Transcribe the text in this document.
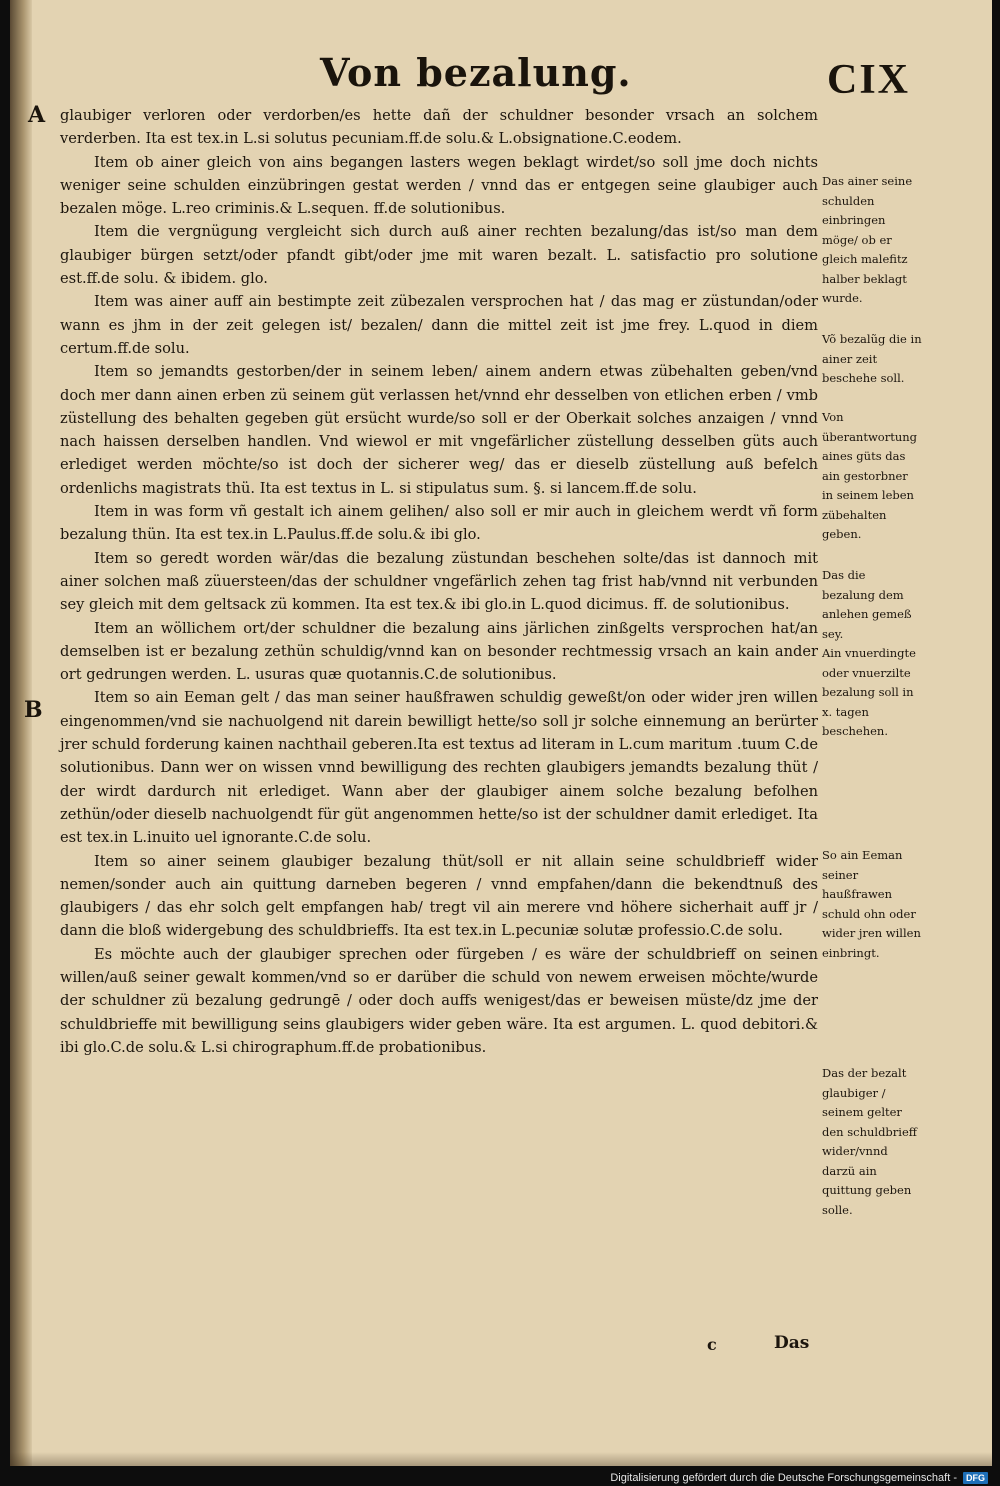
Von bezalung.	CIX
A
B

glaubiger verloren oder verdorben/es hette dañ der schuldner besonder vrsach an solchem verderben. Ita est tex.in L.si solutus pecuniam.ff.de solu.& L.obsignatione.C.eodem.

Item ob ainer gleich von ains begangen lasters wegen beklagt wirdet/so soll jme doch nichts weniger seine schulden einzübringen gestat werden / vnnd das er entgegen seine glaubiger auch bezalen möge. L.reo criminis.& L.sequen. ff.de solutionibus.

Item die vergnügung vergleicht sich durch auß ainer rechten bezalung/das ist/so man dem glaubiger bürgen setzt/oder pfandt gibt/oder jme mit waren bezalt. L. satisfactio pro solutione est.ff.de solu. & ibidem. glo.

Item was ainer auff ain bestimpte zeit zübezalen versprochen hat / das mag er züstundan/oder wann es jhm in der zeit gelegen ist/ bezalen/ dann die mittel zeit ist jme frey. L.quod in diem certum.ff.de solu.

Item so jemandts gestorben/der in seinem leben/ ainem andern etwas zübehalten geben/vnd doch mer dann ainen erben zü seinem güt verlassen het/vnnd ehr desselben von etlichen erben / vmb züstellung des behalten gegeben güt ersücht wurde/so soll er der Oberkait solches anzaigen / vnnd nach haissen derselben handlen. Vnd wiewol er mit vngefärlicher züstellung desselben güts auch erlediget werden möchte/so ist doch der sicherer weg/ das er dieselb züstellung auß befelch ordenlichs magistrats thü. Ita est textus in L. si stipulatus sum. §. si lancem.ff.de solu.

Item in was form vñ gestalt ich ainem gelihen/ also soll er mir auch in gleichem werdt vñ form bezalung thün. Ita est tex.in L.Paulus.ff.de solu.& ibi glo.

Item so geredt worden wär/das die bezalung züstundan beschehen solte/das ist dannoch mit ainer solchen maß züuersteen/das der schuldner vngefärlich zehen tag frist hab/vnnd nit verbunden sey gleich mit dem geltsack zü kommen. Ita est tex.& ibi glo.in L.quod dicimus. ff. de solutionibus.

Item an wöllichem ort/der schuldner die bezalung ains järlichen zinßgelts versprochen hat/an demselben ist er bezalung zethün schuldig/vnnd kan on besonder rechtmessig vrsach an kain ander ort gedrungen werden. L. usuras quæ quotannis.C.de solutionibus.

Item so ain Eeman gelt / das man seiner haußfrawen schuldig geweßt/on oder wider jren willen eingenommen/vnd sie nachuolgend nit darein bewilligt hette/so soll jr solche einnemung an berürter jrer schuld forderung kainen nachthail geberen.Ita est textus ad literam in L.cum maritum .tuum C.de solutionibus. Dann wer on wissen vnnd bewilligung des rechten glaubigers jemandts bezalung thüt / der wirdt dardurch nit erlediget. Wann aber der glaubiger ainem solche bezalung befolhen zethün/oder dieselb nachuolgendt für güt angenommen hette/so ist der schuldner damit erlediget. Ita est tex.in L.inuito uel ignorante.C.de solu.

Item so ainer seinem glaubiger bezalung thüt/soll er nit allain seine schuldbrieff wider nemen/sonder auch ain quittung darneben begeren / vnnd empfahen/dann die bekendtnuß des glaubigers / das ehr solch gelt empfangen hab/ tregt vil ain merere vnd höhere sicherhait auff jr / dann die bloß widergebung des schuldbrieffs. Ita est tex.in L.pecuniæ solutæ professio.C.de solu.

Es möchte auch der glaubiger sprechen oder fürgeben / es wäre der schuldbrieff on seinen willen/auß seiner gewalt kommen/vnd so er darüber die schuld von newem erweisen möchte/wurde der schuldner zü bezalung gedrungē / oder doch auffs wenigest/das er beweisen müste/dz jme der schuldbrieffe mit bewilligung seins glaubigers wider geben wäre. Ita est argumen. L. quod debitori.& ibi glo.C.de solu.& L.si chirographum.ff.de probationibus.

Das ainer seine schulden einbringen möge/ ob er gleich malefitz halber beklagt wurde.
Võ bezalũg die in ainer zeit beschehe soll.
Von überantwortung aines güts das ain gestorbner in seinem leben zübehalten geben.
Das die bezalung dem anlehen gemeß sey.
Ain vnuerdingte oder vnuerzilte bezalung soll in x. tagen beschehen.
So ain Eeman seiner haußfrawen schuld ohn oder wider jren willen einbringt.
Das der bezalt glaubiger / seinem gelter den schuldbrieff wider/vnnd darzü ain quittung geben solle.
c	Das
Digitalisierung gefördert durch die Deutsche Forschungsgemeinschaft -	DFG
